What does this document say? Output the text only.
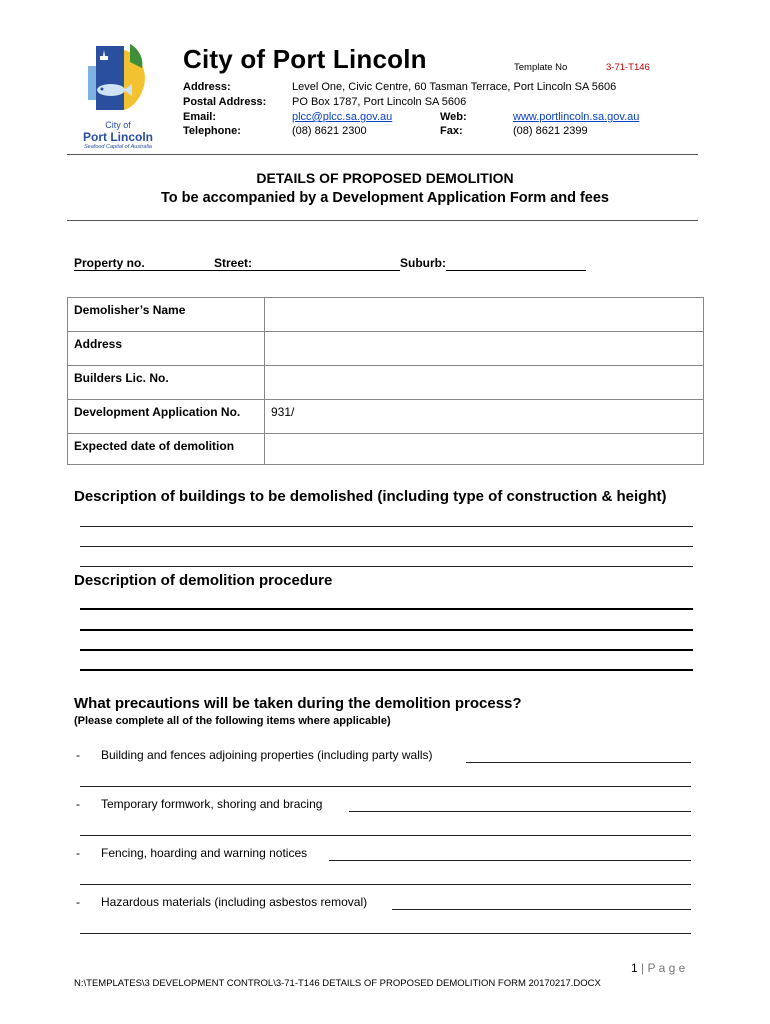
City of
Port Lincoln
Seafood Capital of Australia
City of Port Lincoln	Template No	3-71-T146
Address:	Level One, Civic Centre, 60 Tasman Terrace, Port Lincoln SA 5606
Postal Address: PO Box 1787, Port Lincoln SA 5606
Email:	plcc@plcc.sa.gov.au	Web:	www.portlincoln.sa.gov.au
Telephone:	(08) 8621 2300	Fax:	(08) 8621 2399
DETAILS OF PROPOSED DEMOLITION
To be accompanied by a Development Application Form and fees
Property no.	Street:	Suburb:
Demolisher’s Name	
Address	
Builders Lic. No.	
Development Application No.	931/
Expected date of demolition	
Description of buildings to be demolished (including type of construction & height)
Description of demolition procedure
What precautions will be taken during the demolition process?
(Please complete all of the following items where applicable)
- Building and fences adjoining properties (including party walls)
- Temporary formwork, shoring and bracing
- Fencing, hoarding and warning notices
- Hazardous materials (including asbestos removal)
1 | P a g e
N:\TEMPLATES\3 DEVELOPMENT CONTROL\3-71-T146 DETAILS OF PROPOSED DEMOLITION FORM 20170217.DOCX
